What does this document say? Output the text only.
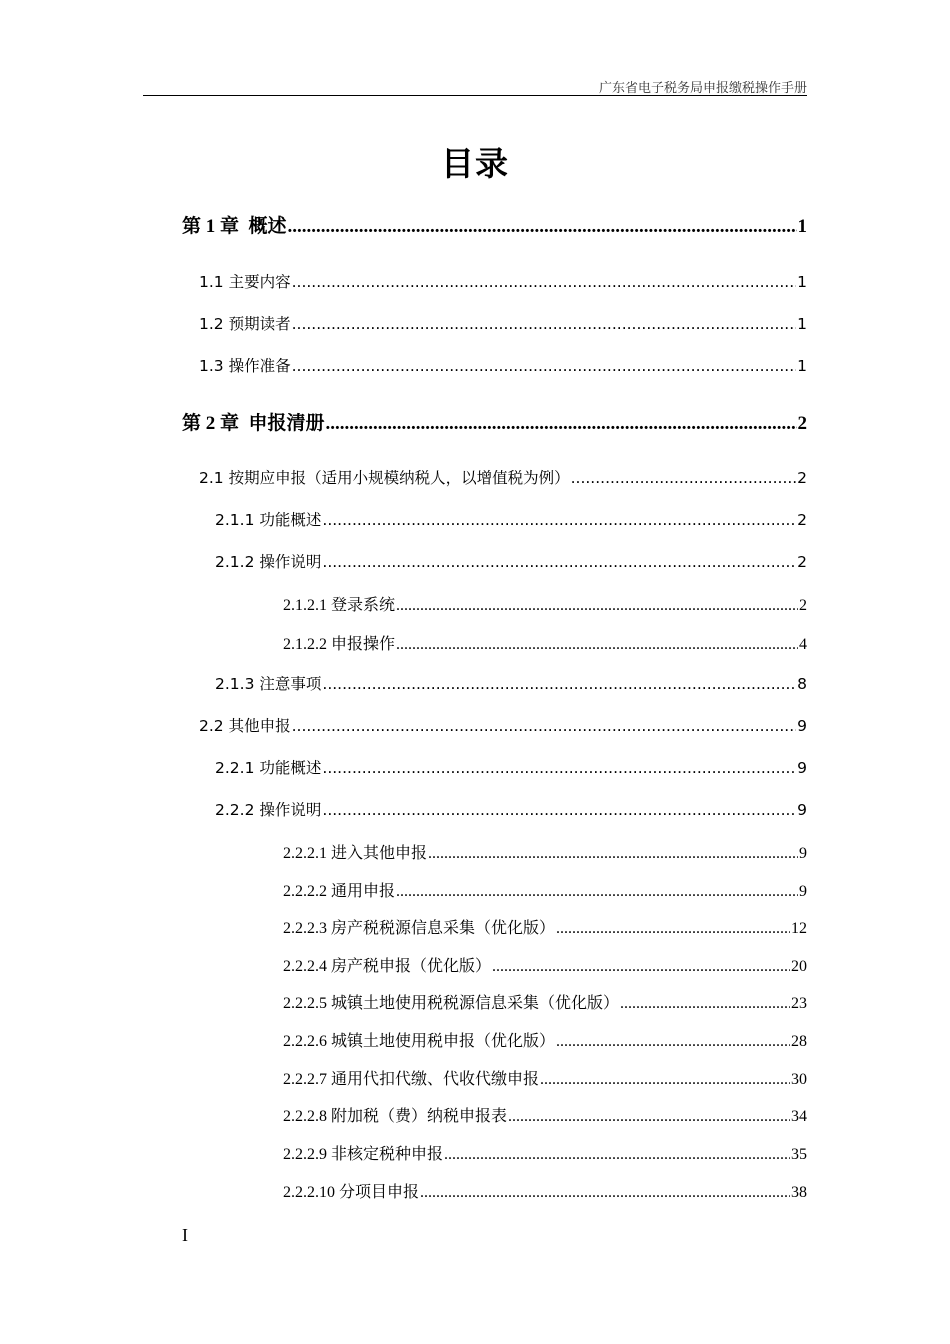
广东省电子税务局申报缴税操作手册
目录
第 1 章 概述 .....	1
1.1 主要内容 .....	1
1.2 预期读者 .....	1
1.3 操作准备 .....	1
第 2 章 申报清册 .....	2
2.1 按期应申报（适用小规模纳税人，以增值税为例） .....	2
2.1.1 功能概述 .....	2
2.1.2 操作说明 .....	2
2.1.2.1 登录系统 .....	2
2.1.2.2 申报操作 .....	4
2.1.3 注意事项 .....	8
2.2 其他申报 .....	9
2.2.1 功能概述 .....	9
2.2.2 操作说明 .....	9
2.2.2.1 进入其他申报 .....	9
2.2.2.2 通用申报 .....	9
2.2.2.3 房产税税源信息采集（优化版） .....	12
2.2.2.4 房产税申报（优化版） .....	20
2.2.2.5 城镇土地使用税税源信息采集（优化版） .....	23
2.2.2.6 城镇土地使用税申报（优化版） .....	28
2.2.2.7 通用代扣代缴、代收代缴申报 .....	30
2.2.2.8 附加税（费）纳税申报表 .....	34
2.2.2.9 非核定税种申报 .....	35
2.2.2.10 分项目申报 .....	38
I
